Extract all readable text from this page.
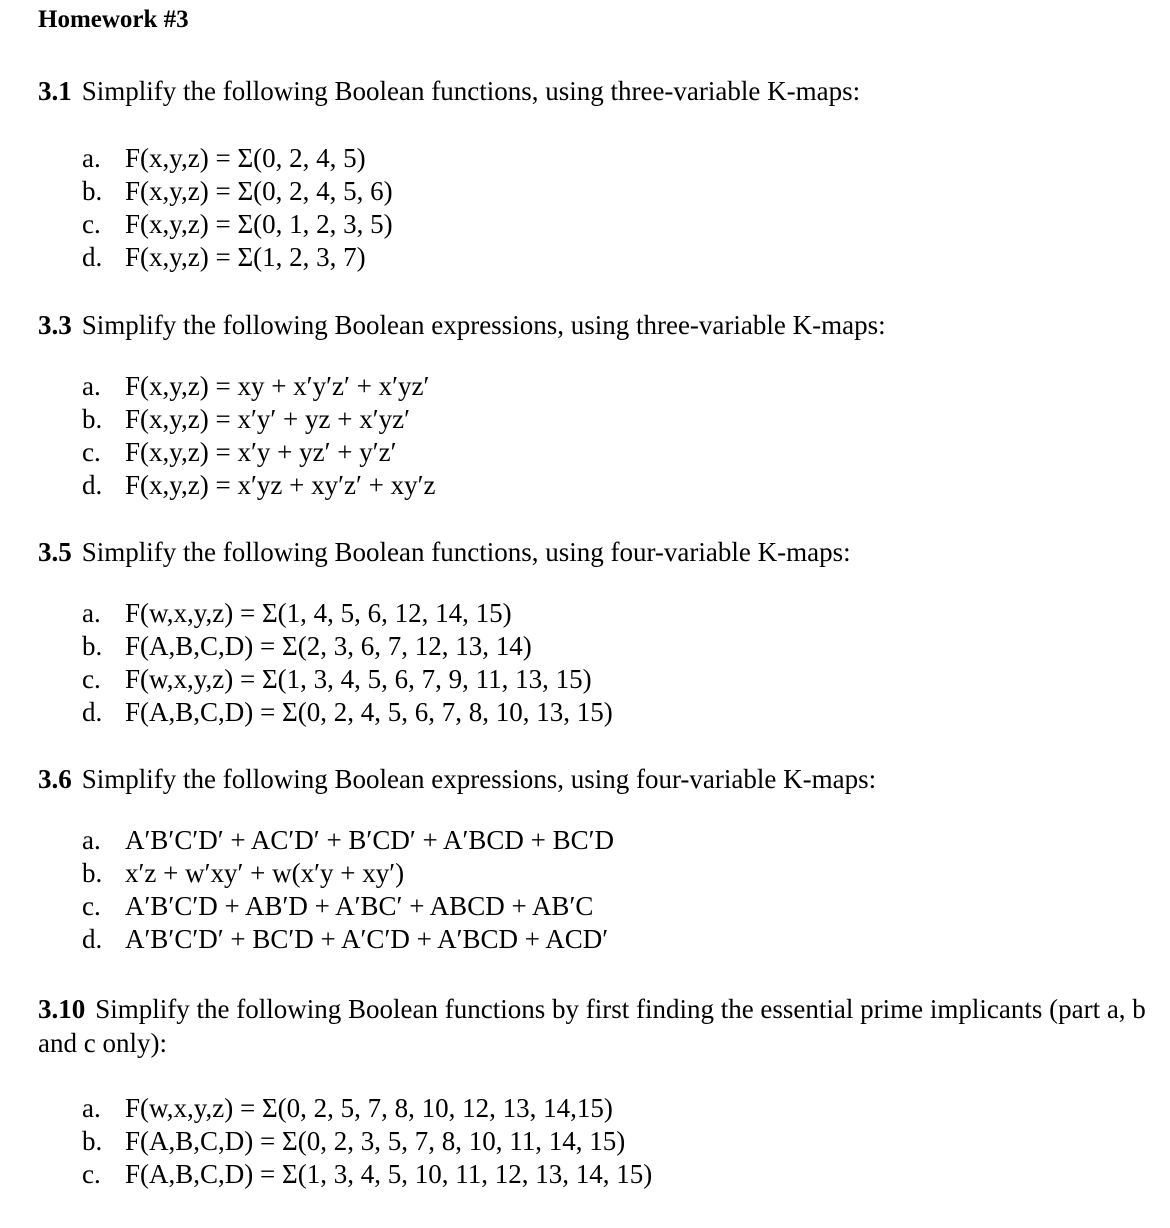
Homework #3

3.1 Simplify the following Boolean functions, using three-variable K-maps:

a. F(x,y,z) = Σ(0, 2, 4, 5)
b. F(x,y,z) = Σ(0, 2, 4, 5, 6)
c. F(x,y,z) = Σ(0, 1, 2, 3, 5)
d. F(x,y,z) = Σ(1, 2, 3, 7)

3.3 Simplify the following Boolean expressions, using three-variable K-maps:

a. F(x,y,z) = xy + x′y′z′ + x′yz′
b. F(x,y,z) = x′y′ + yz + x′yz′
c. F(x,y,z) = x′y + yz′ + y′z′
d. F(x,y,z) = x′yz + xy′z′ + xy′z

3.5 Simplify the following Boolean functions, using four-variable K-maps:

a. F(w,x,y,z) = Σ(1, 4, 5, 6, 12, 14, 15)
b. F(A,B,C,D) = Σ(2, 3, 6, 7, 12, 13, 14)
c. F(w,x,y,z) = Σ(1, 3, 4, 5, 6, 7, 9, 11, 13, 15)
d. F(A,B,C,D) = Σ(0, 2, 4, 5, 6, 7, 8, 10, 13, 15)

3.6 Simplify the following Boolean expressions, using four-variable K-maps:

a. A′B′C′D′ + AC′D′ + B′CD′ + A′BCD + BC′D
b. x′z + w′xy′ + w(x′y + xy′)
c. A′B′C′D + AB′D + A′BC′ + ABCD + AB′C
d. A′B′C′D′ + BC′D + A′C′D + A′BCD + ACD′

3.10 Simplify the following Boolean functions by first finding the essential prime implicants (part a, b and c only):

a. F(w,x,y,z) = Σ(0, 2, 5, 7, 8, 10, 12, 13, 14,15)
b. F(A,B,C,D) = Σ(0, 2, 3, 5, 7, 8, 10, 11, 14, 15)
c. F(A,B,C,D) = Σ(1, 3, 4, 5, 10, 11, 12, 13, 14, 15)
